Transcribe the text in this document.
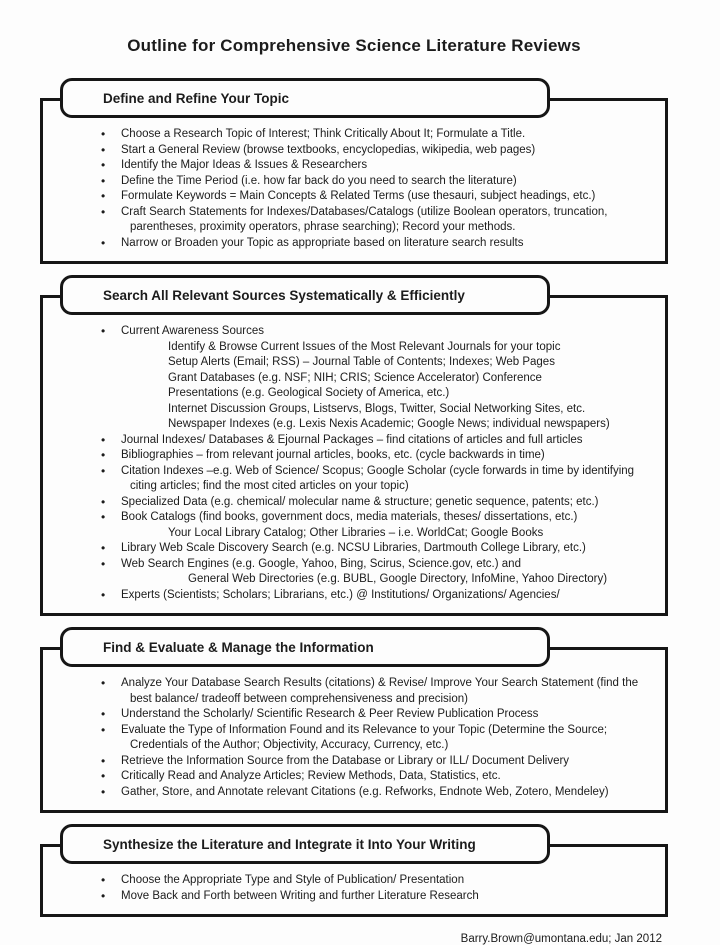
Outline for Comprehensive Science Literature Reviews
Define and Refine Your Topic
• Choose a Research Topic of Interest; Think Critically About It; Formulate a Title.
• Start a General Review (browse textbooks, encyclopedias, wikipedia, web pages)
• Identify the Major Ideas & Issues & Researchers
• Define the Time Period (i.e. how far back do you need to search the literature)
• Formulate Keywords = Main Concepts & Related Terms (use thesauri, subject headings, etc.)
• Craft Search Statements for Indexes/Databases/Catalogs (utilize Boolean operators, truncation, parentheses, proximity operators, phrase searching); Record your methods.
• Narrow or Broaden your Topic as appropriate based on literature search results
Search All Relevant Sources Systematically & Efficiently
• Current Awareness Sources
Identify & Browse Current Issues of the Most Relevant Journals for your topic
Setup Alerts (Email; RSS) – Journal Table of Contents; Indexes; Web Pages
Grant Databases (e.g. NSF; NIH; CRIS; Science Accelerator) Conference
Presentations (e.g. Geological Society of America, etc.)
Internet Discussion Groups, Listservs, Blogs, Twitter, Social Networking Sites, etc.
Newspaper Indexes (e.g. Lexis Nexis Academic; Google News; individual newspapers)
• Journal Indexes/ Databases & Ejournal Packages – find citations of articles and full articles
• Bibliographies – from relevant journal articles, books, etc. (cycle backwards in time)
• Citation Indexes –e.g. Web of Science/ Scopus; Google Scholar (cycle forwards in time by identifying citing articles; find the most cited articles on your topic)
• Specialized Data (e.g. chemical/ molecular name & structure; genetic sequence, patents; etc.)
• Book Catalogs (find books, government docs, media materials, theses/ dissertations, etc.)
Your Local Library Catalog; Other Libraries – i.e. WorldCat; Google Books
• Library Web Scale Discovery Search (e.g. NCSU Libraries, Dartmouth College Library, etc.)
• Web Search Engines (e.g. Google, Yahoo, Bing, Scirus, Science.gov, etc.) and
General Web Directories (e.g. BUBL, Google Directory, InfoMine, Yahoo Directory)
• Experts (Scientists; Scholars; Librarians, etc.) @ Institutions/ Organizations/ Agencies/
Find & Evaluate & Manage the Information
• Analyze Your Database Search Results (citations) & Revise/ Improve Your Search Statement (find the best balance/ tradeoff between comprehensiveness and precision)
• Understand the Scholarly/ Scientific Research & Peer Review Publication Process
• Evaluate the Type of Information Found and its Relevance to your Topic (Determine the Source; Credentials of the Author; Objectivity, Accuracy, Currency, etc.)
• Retrieve the Information Source from the Database or Library or ILL/ Document Delivery
• Critically Read and Analyze Articles; Review Methods, Data, Statistics, etc.
• Gather, Store, and Annotate relevant Citations (e.g. Refworks, Endnote Web, Zotero, Mendeley)
Synthesize the Literature and Integrate it Into Your Writing
• Choose the Appropriate Type and Style of Publication/ Presentation
• Move Back and Forth between Writing and further Literature Research
Barry.Brown@umontana.edu; Jan 2012
